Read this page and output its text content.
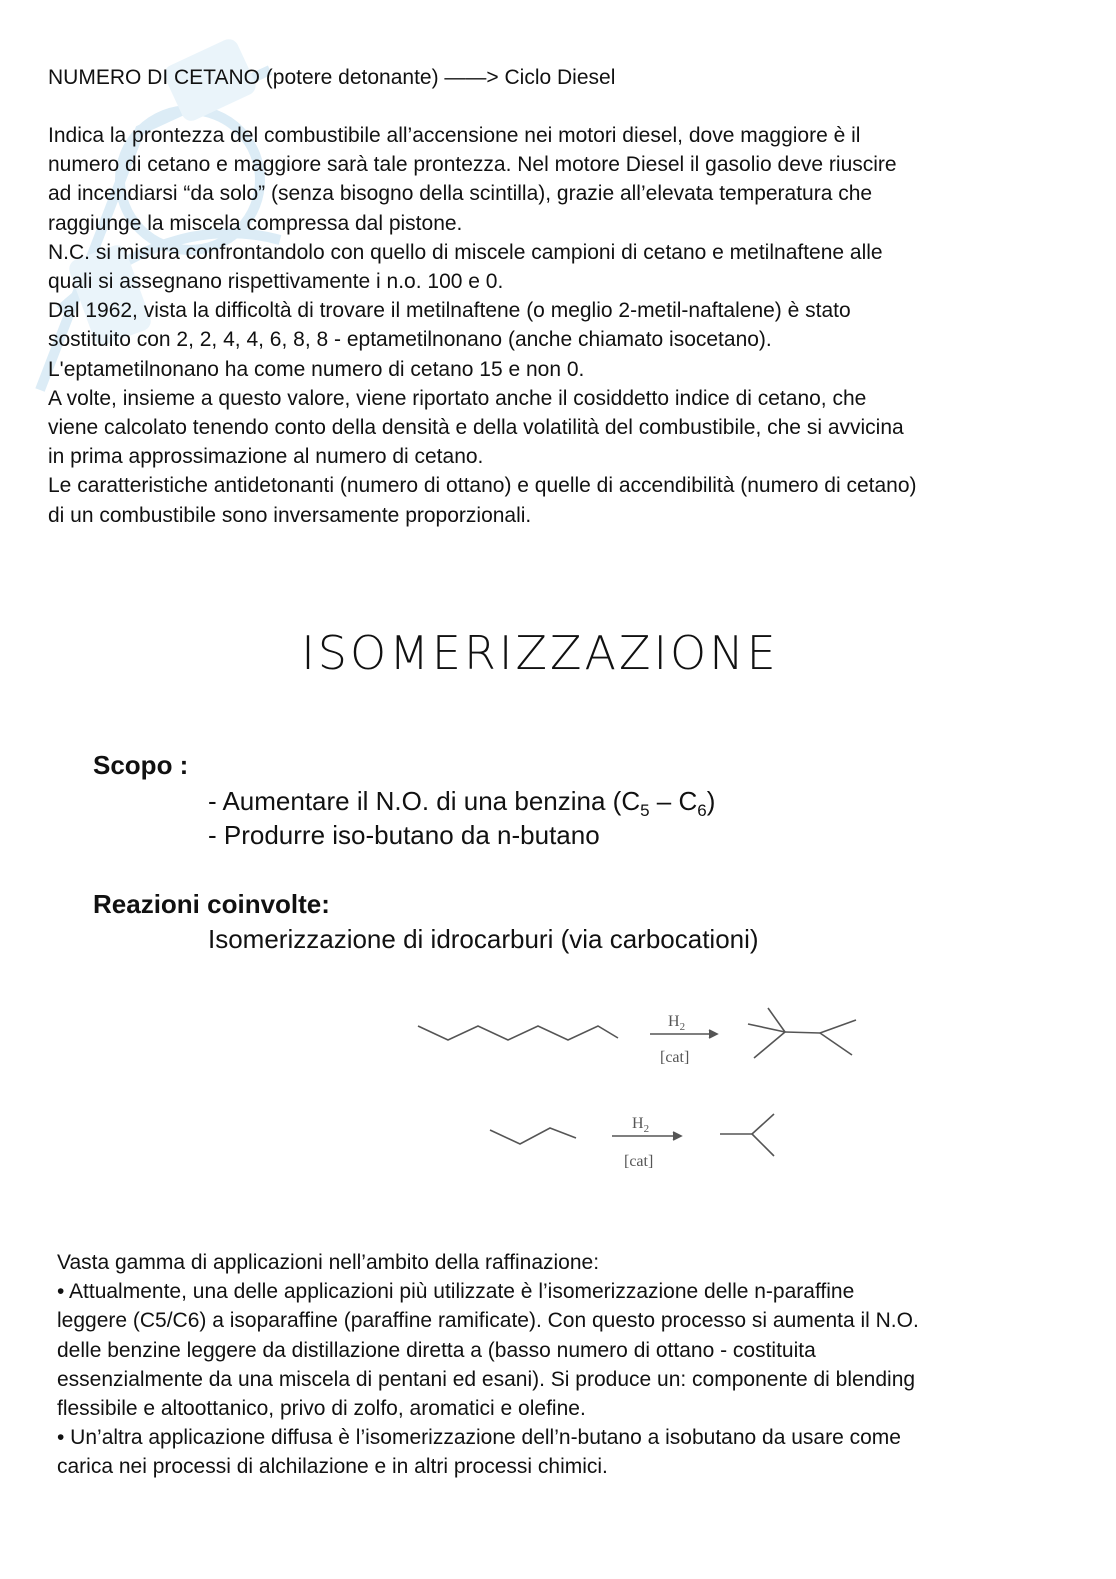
NUMERO DI CETANO (potere detonante) ——> Ciclo Diesel

Indica la prontezza del combustibile all’accensione nei motori diesel, dove maggiore è il
numero di cetano e maggiore sarà tale prontezza. Nel motore Diesel il gasolio deve riuscire
ad incendiarsi “da solo” (senza bisogno della scintilla), grazie all’elevata temperatura che
raggiunge la miscela compressa dal pistone.
N.C. si misura confrontandolo con quello di miscele campioni di cetano e metilnaftene alle
quali si assegnano rispettivamente i n.o. 100 e 0.
Dal 1962, vista la difficoltà di trovare il metilnaftene (o meglio 2-metil-naftalene) è stato
sostituito con 2, 2, 4, 4, 6, 8, 8 - eptametilnonano (anche chiamato isocetano).
L'eptametilnonano ha come numero di cetano 15 e non 0.
A volte, insieme a questo valore, viene riportato anche il cosiddetto indice di cetano, che
viene calcolato tenendo conto della densità e della volatilità del combustibile, che si avvicina
in prima approssimazione al numero di cetano.
Le caratteristiche antidetonanti (numero di ottano) e quelle di accendibilità (numero di cetano)
di un combustibile sono inversamente proporzionali.
ISOMERIZZAZIONE

Scopo :

- Aumentare il N.O. di una benzina $(C_5 - C_6)$

- Produrre iso-butano da n-butano

Reazioni coinvolte:

Isomerizzazione di idrocarburi (via carbocationi)

$H_2$
[cat]
$H_2$
[cat]
Vasta gamma di applicazioni nell’ambito della raffinazione:
• Attualmente, una delle applicazioni più utilizzate è l’isomerizzazione delle n-paraffine
leggere (C5/C6) a isoparaffine (paraffine ramificate). Con questo processo si aumenta il N.O.
delle benzine leggere da distillazione diretta a (basso numero di ottano - costituita
essenzialmente da una miscela di pentani ed esani). Si produce un: componente di blending
flessibile e altoottanico, privo di zolfo, aromatici e olefine.
• Un’altra applicazione diffusa è l’isomerizzazione dell’n-butano a isobutano da usare come
carica nei processi di alchilazione e in altri processi chimici.
